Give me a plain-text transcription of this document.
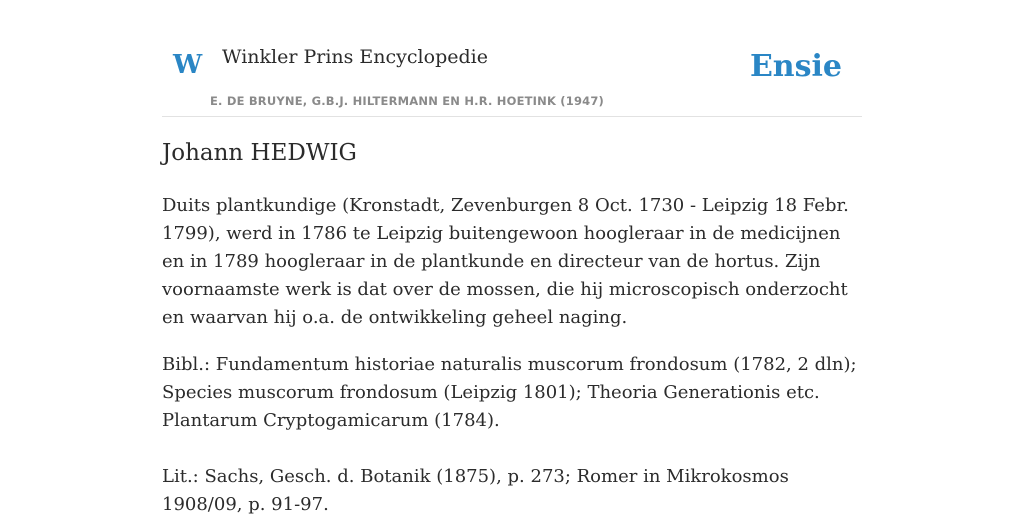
W Winkler Prins Encyclopedie
E. DE BRUYNE, G.B.J. HILTERMANN EN H.R. HOETINK (1947)
Ensie
Johann HEDWIG

Duits plantkundige (Kronstadt, Zevenburgen 8 Oct. 1730 - Leipzig 18 Febr. 1799), werd in 1786 te Leipzig buitengewoon hoogleraar in de medicijnen en in 1789 hoogleraar in de plantkunde en directeur van de hortus. Zijn voornaamste werk is dat over de mossen, die hij microscopisch onderzocht en waarvan hij o.a. de ontwikkeling geheel naging.

Bibl.: Fundamentum historiae naturalis muscorum frondosum (1782, 2 dln); Species muscorum frondosum (Leipzig 1801); Theoria Generationis etc. Plantarum Cryptogamicarum (1784).

Lit.: Sachs, Gesch. d. Botanik (1875), p. 273; Romer in Mikrokosmos 1908/09, p. 91-97.
